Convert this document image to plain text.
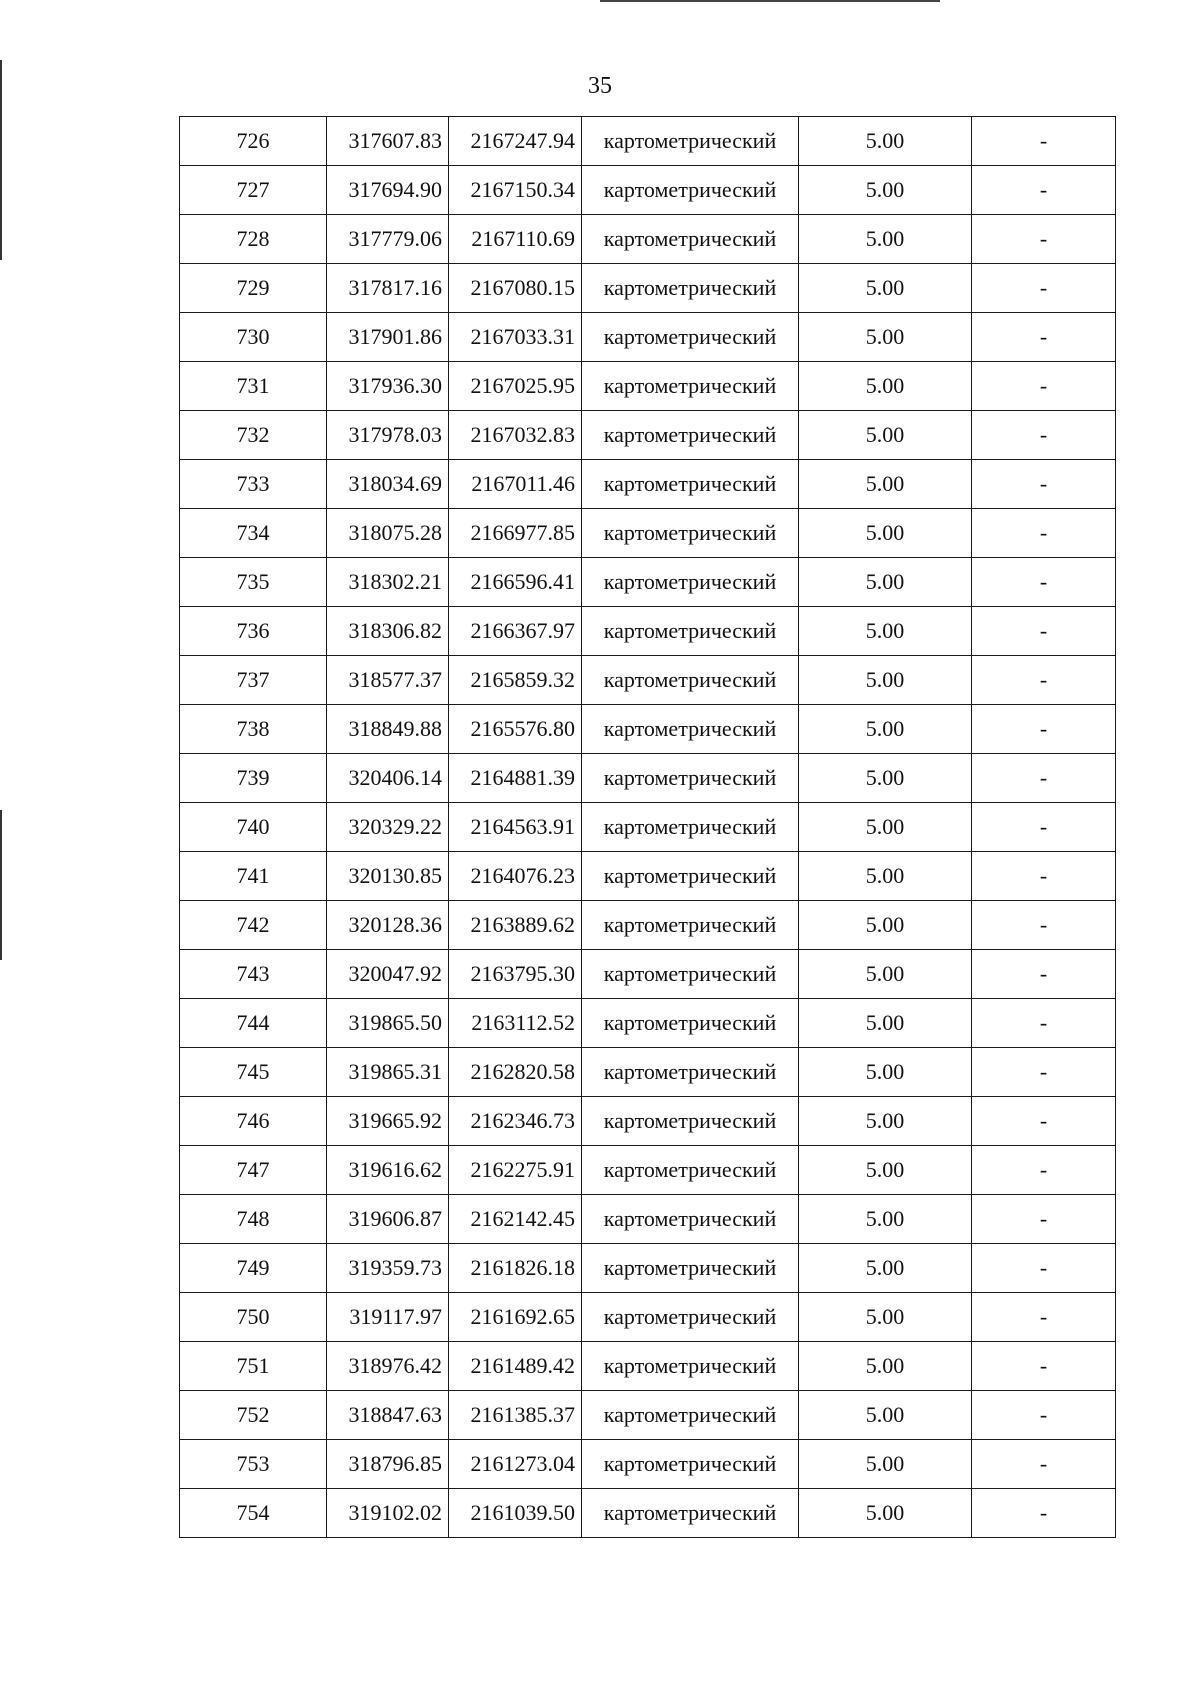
35
726	317607.83	2167247.94	картометрический	5.00	-
727	317694.90	2167150.34	картометрический	5.00	-
728	317779.06	2167110.69	картометрический	5.00	-
729	317817.16	2167080.15	картометрический	5.00	-
730	317901.86	2167033.31	картометрический	5.00	-
731	317936.30	2167025.95	картометрический	5.00	-
732	317978.03	2167032.83	картометрический	5.00	-
733	318034.69	2167011.46	картометрический	5.00	-
734	318075.28	2166977.85	картометрический	5.00	-
735	318302.21	2166596.41	картометрический	5.00	-
736	318306.82	2166367.97	картометрический	5.00	-
737	318577.37	2165859.32	картометрический	5.00	-
738	318849.88	2165576.80	картометрический	5.00	-
739	320406.14	2164881.39	картометрический	5.00	-
740	320329.22	2164563.91	картометрический	5.00	-
741	320130.85	2164076.23	картометрический	5.00	-
742	320128.36	2163889.62	картометрический	5.00	-
743	320047.92	2163795.30	картометрический	5.00	-
744	319865.50	2163112.52	картометрический	5.00	-
745	319865.31	2162820.58	картометрический	5.00	-
746	319665.92	2162346.73	картометрический	5.00	-
747	319616.62	2162275.91	картометрический	5.00	-
748	319606.87	2162142.45	картометрический	5.00	-
749	319359.73	2161826.18	картометрический	5.00	-
750	319117.97	2161692.65	картометрический	5.00	-
751	318976.42	2161489.42	картометрический	5.00	-
752	318847.63	2161385.37	картометрический	5.00	-
753	318796.85	2161273.04	картометрический	5.00	-
754	319102.02	2161039.50	картометрический	5.00	-
